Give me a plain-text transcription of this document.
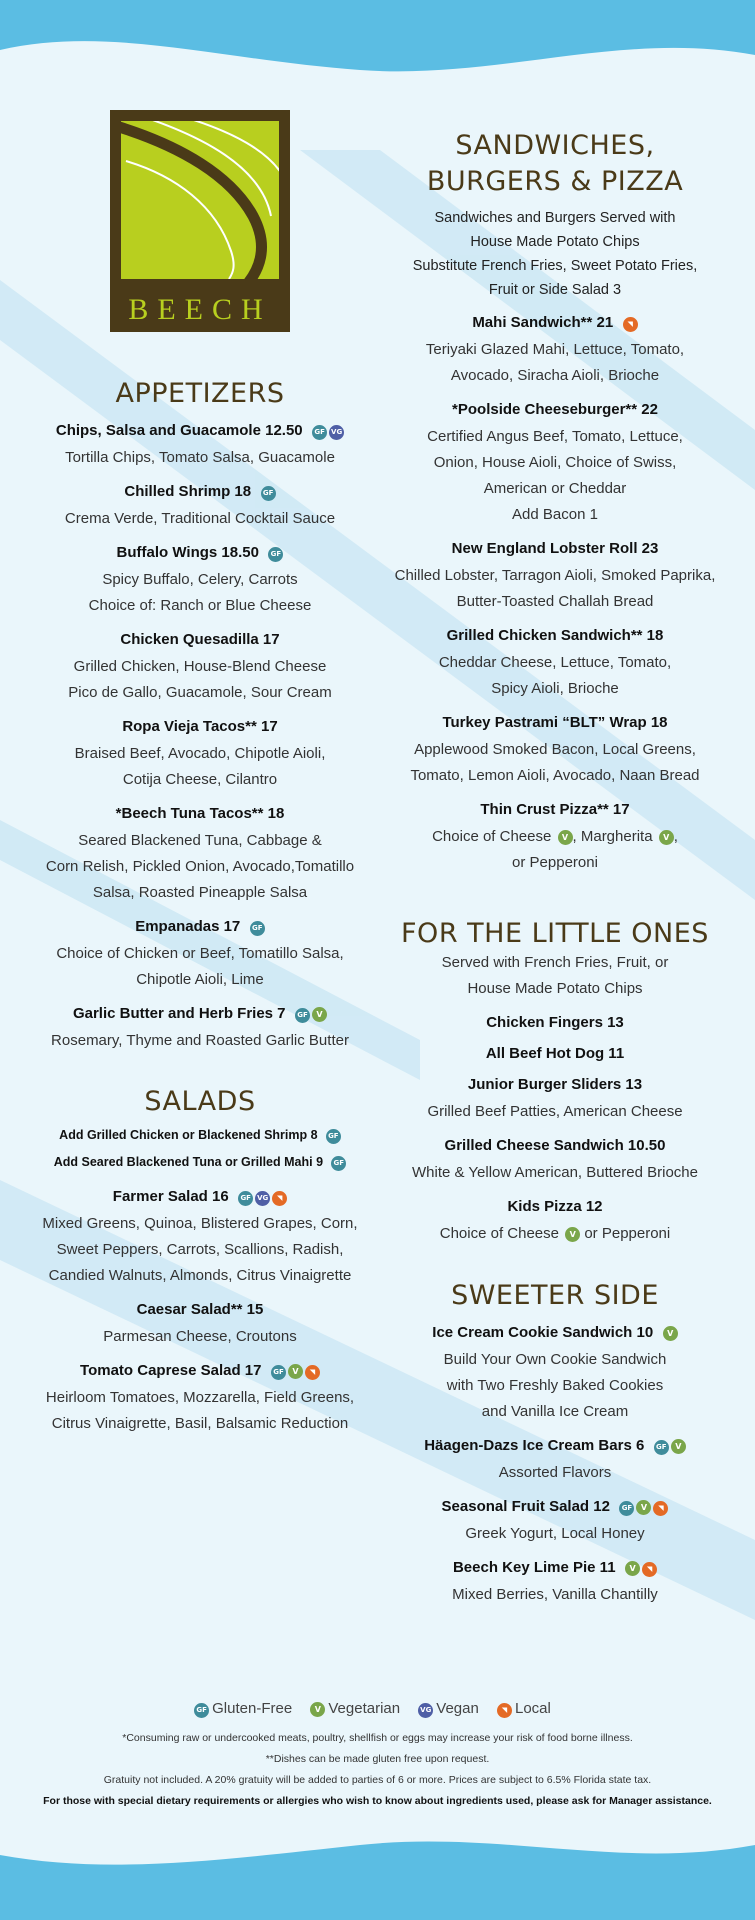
BEECH
APPETIZERS
Chips, Salsa and Guacamole 12.50  GF VG
Tortilla Chips, Tomato Salsa, Guacamole
Chilled Shrimp 18  GF
Crema Verde, Traditional Cocktail Sauce
Buffalo Wings 18.50  GF
Spicy Buffalo, Celery, Carrots
Choice of: Ranch or Blue Cheese
Chicken Quesadilla 17
Grilled Chicken, House-Blend Cheese
Pico de Gallo, Guacamole, Sour Cream
Ropa Vieja Tacos** 17
Braised Beef, Avocado, Chipotle Aioli,
Cotija Cheese, Cilantro
*Beech Tuna Tacos** 18
Seared Blackened Tuna, Cabbage &
Corn Relish, Pickled Onion, Avocado,Tomatillo
Salsa, Roasted Pineapple Salsa
Empanadas 17  GF
Choice of Chicken or Beef, Tomatillo Salsa,
Chipotle Aioli, Lime
Garlic Butter and Herb Fries 7  GF V
Rosemary, Thyme and Roasted Garlic Butter
SALADS
Add Grilled Chicken or Blackened Shrimp 8  GF
Add Seared Blackened Tuna or Grilled Mahi 9  GF
Farmer Salad 16  GF VG ◥
Mixed Greens, Quinoa, Blistered Grapes, Corn,
Sweet Peppers, Carrots, Scallions, Radish,
Candied Walnuts, Almonds, Citrus Vinaigrette
Caesar Salad** 15
Parmesan Cheese, Croutons
Tomato Caprese Salad 17  GF V ◥
Heirloom Tomatoes, Mozzarella, Field Greens,
Citrus Vinaigrette, Basil, Balsamic Reduction
SANDWICHES,
BURGERS & PIZZA
Sandwiches and Burgers Served with
House Made Potato Chips
Substitute French Fries, Sweet Potato Fries,
Fruit or Side Salad 3
Mahi Sandwich** 21  ◥
Teriyaki Glazed Mahi, Lettuce, Tomato,
Avocado, Siracha Aioli, Brioche
*Poolside Cheeseburger** 22
Certified Angus Beef, Tomato, Lettuce,
Onion, House Aioli, Choice of Swiss,
American or Cheddar
Add Bacon 1
New England Lobster Roll 23
Chilled Lobster, Tarragon Aioli, Smoked Paprika,
Butter-Toasted Challah Bread
Grilled Chicken Sandwich** 18
Cheddar Cheese, Lettuce, Tomato,
Spicy Aioli, Brioche
Turkey Pastrami “BLT” Wrap 18
Applewood Smoked Bacon, Local Greens,
Tomato, Lemon Aioli, Avocado, Naan Bread
Thin Crust Pizza** 17
Choice of Cheese V , Margherita V ,
or Pepperoni
FOR THE LITTLE ONES
Served with French Fries, Fruit, or
House Made Potato Chips
Chicken Fingers 13
All Beef Hot Dog 11
Junior Burger Sliders 13
Grilled Beef Patties, American Cheese
Grilled Cheese Sandwich 10.50
White & Yellow American, Buttered Brioche
Kids Pizza 12
Choice of Cheese V or Pepperoni
SWEETER SIDE
Ice Cream Cookie Sandwich 10  V
Build Your Own Cookie Sandwich
with Two Freshly Baked Cookies
and Vanilla Ice Cream
Häagen-Dazs Ice Cream Bars 6  GF V
Assorted Flavors
Seasonal Fruit Salad 12  GF V ◥
Greek Yogurt, Local Honey
Beech Key Lime Pie 11  V ◥
Mixed Berries, Vanilla Chantilly
GF Gluten-Free	V Vegetarian	VG Vegan	◥ Local
*Consuming raw or undercooked meats, poultry, shellfish or eggs may increase your risk of food borne illness.
**Dishes can be made gluten free upon request.
Gratuity not included. A 20% gratuity will be added to parties of 6 or more. Prices are subject to 6.5% Florida state tax.
For those with special dietary requirements or allergies who wish to know about ingredients used, please ask for Manager assistance.
